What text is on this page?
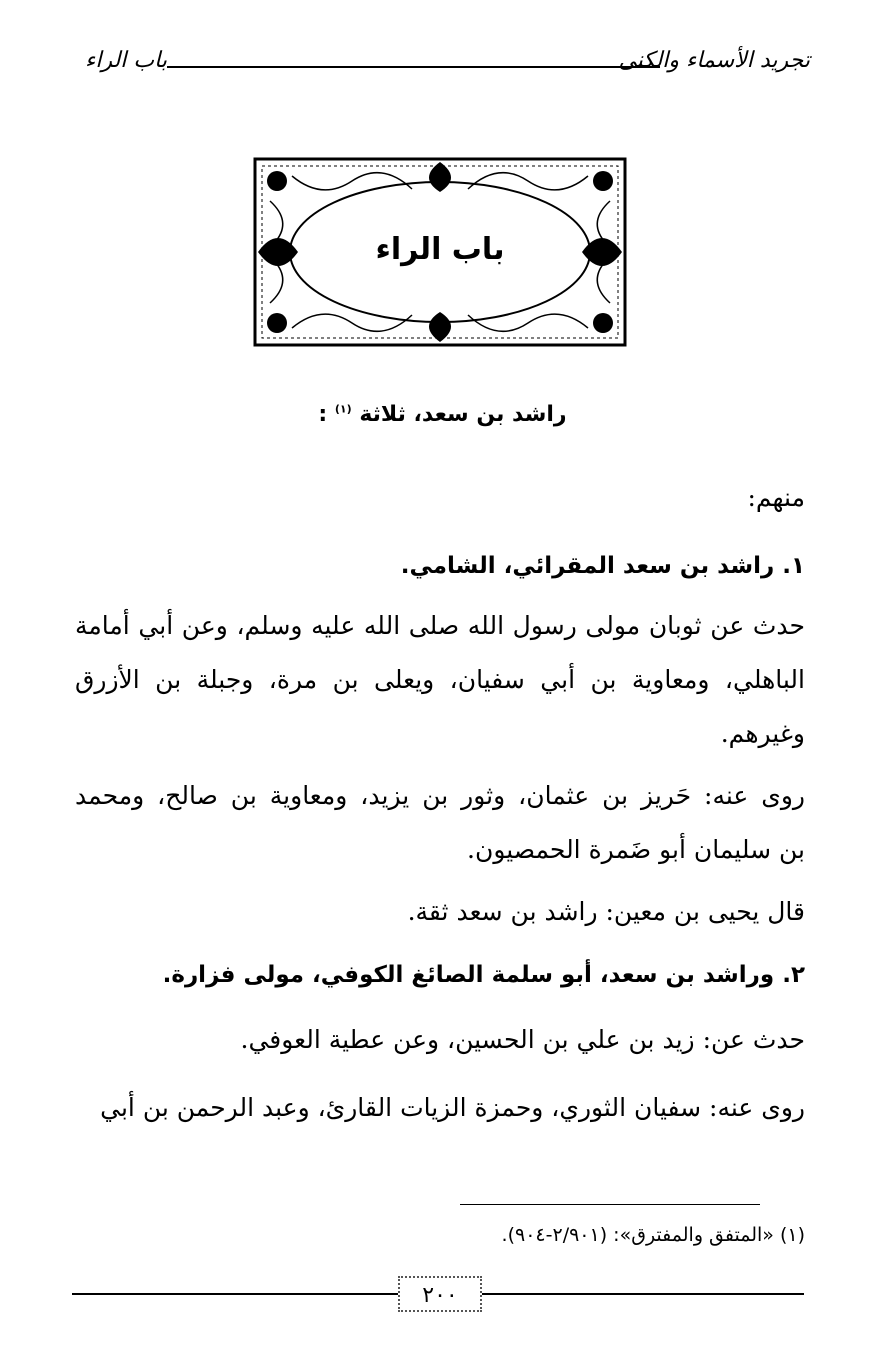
تجريد الأسماء والكنى
باب الراء
باب الراء
راشد بن سعد، ثلاثة $^{(١)}$ :
منهم:
١. راشد بن سعد المقرائي، الشامي.
حدث عن ثوبان مولى رسول الله صلى الله عليه وسلم، وعن أبي أمامة
الباهلي، ومعاوية بن أبي سفيان، ويعلى بن مرة، وجبلة بن الأزرق
وغيرهم.
روى عنه: حَريز بن عثمان، وثور بن يزيد، ومعاوية بن صالح، ومحمد
بن سليمان أبو ضَمرة الحمصيون.
قال يحيى بن معين: راشد بن سعد ثقة.
٢. وراشد بن سعد، أبو سلمة الصائغ الكوفي، مولى فزارة.
حدث عن: زيد بن علي بن الحسين، وعن عطية العوفي.
روى عنه: سفيان الثوري، وحمزة الزيات القارئ، وعبد الرحمن بن أبي
(١) «المتفق والمفترق»: (٢/٩٠١-٩٠٤).
٢٠٠
